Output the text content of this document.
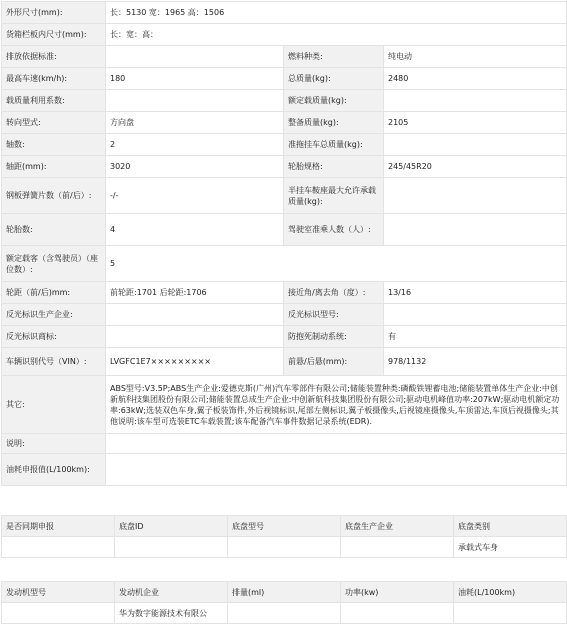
外形尺寸(mm):	长：5130 宽：1965 高：1506		
货箱栏板内尺寸(mm):	长：宽：高：		
排放依据标准:		燃料种类:	纯电动
最高车速(km/h):	180	总质量(kg):	2480
载质量利用系数:		额定载质量(kg):	
转向型式:	方向盘	整备质量(kg):	2105
轴数:	2	准拖挂车总质量(kg):	
轴距(mm):	3020	轮胎规格:	245/45R20
钢板弹簧片数（前/后）:	-/-	半挂车鞍座最大允许承载质量(kg):	
轮胎数:	4	驾驶室准乘人数（人）:	
额定载客（含驾驶员）（座位数）:	5		
轮距（前/后)mm:	前轮距:1701 后轮距:1706	接近角/离去角（度）:	13/16
反光标识生产企业:		反光标识型号:	
反光标识商标:		防抱死制动系统:	有
车辆识别代号（VIN）:	LVGFC1E7×××××××××	前悬/后悬(mm):	978/1132
其它:	ABS型号:V3.5P;ABS生产企业:爱德克斯(广州)汽车零部件有限公司;储能装置种类:磷酸铁锂蓄电池;储能装置单体生产企业:中创新航科技集团股份有限公司;储能装置总成生产企业:中创新航科技集团股份有限公司;驱动电机峰值功率:207kW;驱动电机额定功率:63kW;选装双色车身,翼子板装饰件,外后视镜标识,尾部左侧标识,翼子板摄像头,后视镜座摄像头,车顶雷达,车顶后视摄像头;其他说明:该车型可选装ETC车载装置;该车配备汽车事件数据记录系统(EDR).		
说明:			
油耗申报值(L/100km):			
是否同期申报	底盘ID	底盘型号	底盘生产企业	底盘类别
				承载式车身
发动机型号	发动机企业	排量(ml)	功率(kw)	油耗(L/100km)
	华为数字能源技术有限公			
